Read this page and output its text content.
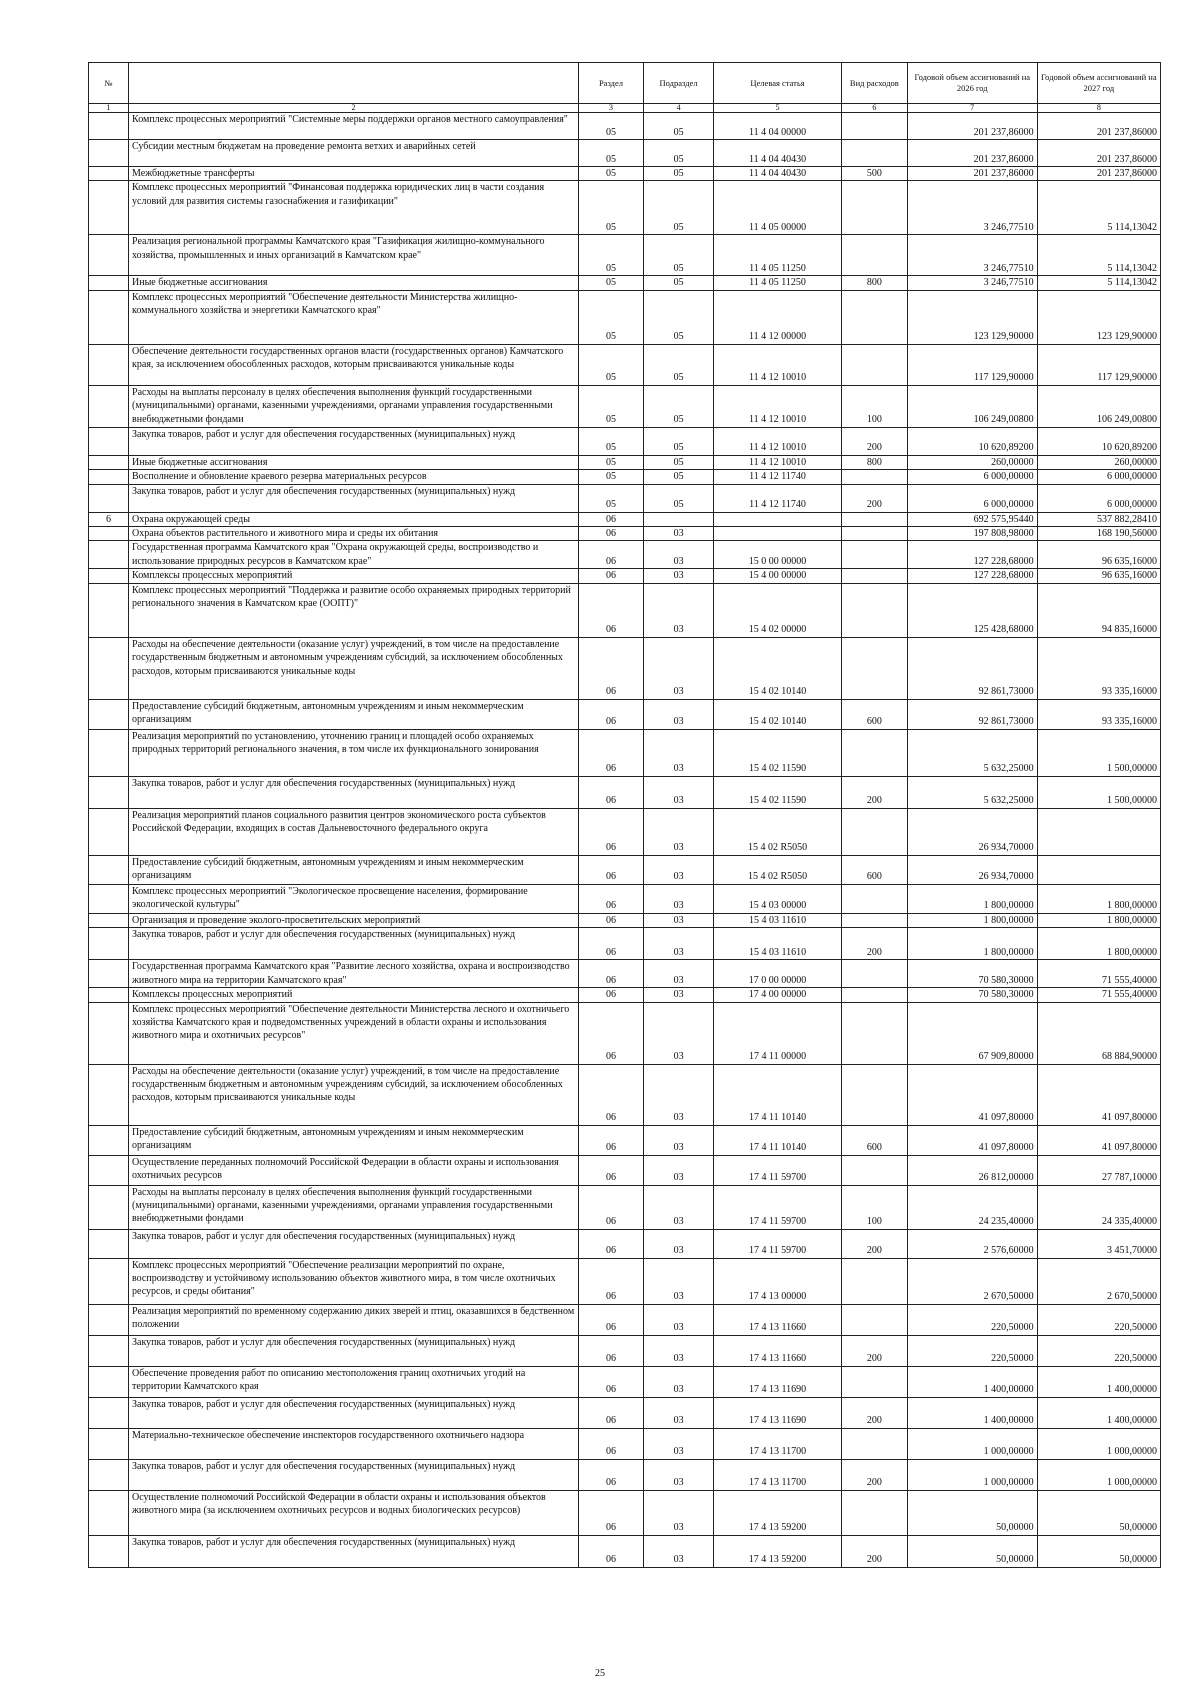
№		Раздел	Подраздел	Целевая статья	Вид расходов	Годовой объем ассигнований на 2026 год	Годовой объем ассигнований на 2027 год
1	2	3	4	5	6	7	8
	Комплекс процессных мероприятий "Системные меры поддержки органов местного самоуправления"	05	05	11 4 04 00000		201 237,86000	201 237,86000
	Субсидии местным бюджетам на проведение ремонта ветхих и аварийных сетей	05	05	11 4 04 40430		201 237,86000	201 237,86000
	Межбюджетные трансферты	05	05	11 4 04 40430	500	201 237,86000	201 237,86000
	Комплекс процессных мероприятий "Финансовая поддержка юридических лиц в части создания условий для развития системы газоснабжения и газификации"	05	05	11 4 05 00000		3 246,77510	5 114,13042
	Реализация региональной программы Камчатского края "Газификация жилищно-коммунального хозяйства, промышленных и иных организаций в Камчатском крае"	05	05	11 4 05 11250		3 246,77510	5 114,13042
	Иные бюджетные ассигнования	05	05	11 4 05 11250	800	3 246,77510	5 114,13042
	Комплекс процессных мероприятий "Обеспечение деятельности Министерства жилищно-коммунального хозяйства и энергетики Камчатского края"	05	05	11 4 12 00000		123 129,90000	123 129,90000
	Обеспечение деятельности государственных органов власти (государственных органов) Камчатского края, за исключением обособленных расходов, которым присваиваются уникальные коды	05	05	11 4 12 10010		117 129,90000	117 129,90000
	Расходы на выплаты персоналу в целях обеспечения выполнения функций государственными (муниципальными) органами, казенными учреждениями, органами управления государственными внебюджетными фондами	05	05	11 4 12 10010	100	106 249,00800	106 249,00800
	Закупка товаров, работ и услуг для обеспечения государственных (муниципальных) нужд	05	05	11 4 12 10010	200	10 620,89200	10 620,89200
	Иные бюджетные ассигнования	05	05	11 4 12 10010	800	260,00000	260,00000
	Восполнение и обновление краевого резерва материальных ресурсов	05	05	11 4 12 11740		6 000,00000	6 000,00000
	Закупка товаров, работ и услуг для обеспечения государственных (муниципальных) нужд	05	05	11 4 12 11740	200	6 000,00000	6 000,00000
6	Охрана окружающей среды	06				692 575,95440	537 882,28410
	Охрана объектов растительного и животного мира и среды их обитания	06	03			197 808,98000	168 190,56000
	Государственная программа Камчатского края "Охрана окружающей среды, воспроизводство и использование природных ресурсов в Камчатском крае"	06	03	15 0 00 00000		127 228,68000	96 635,16000
	Комплексы процессных мероприятий	06	03	15 4 00 00000		127 228,68000	96 635,16000
	Комплекс процессных мероприятий "Поддержка и развитие особо охраняемых природных территорий регионального значения в Камчатском крае (ООПТ)"	06	03	15 4 02 00000		125 428,68000	94 835,16000
	Расходы на обеспечение деятельности (оказание услуг) учреждений, в том числе на предоставление государственным бюджетным и автономным учреждениям субсидий, за исключением обособленных расходов, которым присваиваются уникальные коды	06	03	15 4 02 10140		92 861,73000	93 335,16000
	Предоставление субсидий бюджетным, автономным учреждениям и иным некоммерческим организациям	06	03	15 4 02 10140	600	92 861,73000	93 335,16000
	Реализация мероприятий по установлению, уточнению границ и площадей особо охраняемых природных территорий регионального значения, в том числе их функционального зонирования	06	03	15 4 02 11590		5 632,25000	1 500,00000
	Закупка товаров, работ и услуг для обеспечения государственных (муниципальных) нужд	06	03	15 4 02 11590	200	5 632,25000	1 500,00000
	Реализация мероприятий планов социального развития центров экономического роста субъектов Российской Федерации, входящих в состав Дальневосточного федерального округа	06	03	15 4 02 R5050		26 934,70000	
	Предоставление субсидий бюджетным, автономным учреждениям и иным некоммерческим организациям	06	03	15 4 02 R5050	600	26 934,70000	
	Комплекс процессных мероприятий "Экологическое просвещение населения, формирование экологической культуры"	06	03	15 4 03 00000		1 800,00000	1 800,00000
	Организация и проведение эколого-просветительских мероприятий	06	03	15 4 03 11610		1 800,00000	1 800,00000
	Закупка товаров, работ и услуг для обеспечения государственных (муниципальных) нужд	06	03	15 4 03 11610	200	1 800,00000	1 800,00000
	Государственная программа Камчатского края "Развитие лесного хозяйства, охрана и воспроизводство животного мира на территории Камчатского края"	06	03	17 0 00 00000		70 580,30000	71 555,40000
	Комплексы процессных мероприятий	06	03	17 4 00 00000		70 580,30000	71 555,40000
	Комплекс процессных мероприятий "Обеспечение деятельности Министерства лесного и охотничьего хозяйства Камчатского края и подведомственных учреждений в области охраны и использования животного мира и охотничьих ресурсов"	06	03	17 4 11 00000		67 909,80000	68 884,90000
	Расходы на обеспечение деятельности (оказание услуг) учреждений, в том числе на предоставление государственным бюджетным и автономным учреждениям субсидий, за исключением обособленных расходов, которым присваиваются уникальные коды	06	03	17 4 11 10140		41 097,80000	41 097,80000
	Предоставление субсидий бюджетным, автономным учреждениям и иным некоммерческим организациям	06	03	17 4 11 10140	600	41 097,80000	41 097,80000
	Осуществление переданных полномочий Российской Федерации в области охраны и использования охотничьих ресурсов	06	03	17 4 11 59700		26 812,00000	27 787,10000
	Расходы на выплаты персоналу в целях обеспечения выполнения функций государственными (муниципальными) органами, казенными учреждениями, органами управления государственными внебюджетными фондами	06	03	17 4 11 59700	100	24 235,40000	24 335,40000
	Закупка товаров, работ и услуг для обеспечения государственных (муниципальных) нужд	06	03	17 4 11 59700	200	2 576,60000	3 451,70000
	Комплекс процессных мероприятий "Обеспечение реализации мероприятий по охране, воспроизводству и устойчивому использованию объектов животного мира, в том числе охотничьих ресурсов, и среды обитания"	06	03	17 4 13 00000		2 670,50000	2 670,50000
	Реализация мероприятий по временному содержанию диких зверей и птиц, оказавшихся в бедственном положении	06	03	17 4 13 11660		220,50000	220,50000
	Закупка товаров, работ и услуг для обеспечения государственных (муниципальных) нужд	06	03	17 4 13 11660	200	220,50000	220,50000
	Обеспечение проведения работ по описанию местоположения границ охотничьих угодий на территории Камчатского края	06	03	17 4 13 11690		1 400,00000	1 400,00000
	Закупка товаров, работ и услуг для обеспечения государственных (муниципальных) нужд	06	03	17 4 13 11690	200	1 400,00000	1 400,00000
	Материально-техническое обеспечение инспекторов государственного охотничьего надзора	06	03	17 4 13 11700		1 000,00000	1 000,00000
	Закупка товаров, работ и услуг для обеспечения государственных (муниципальных) нужд	06	03	17 4 13 11700	200	1 000,00000	1 000,00000
	Осуществление полномочий Российской Федерации в области охраны и использования объектов животного мира (за исключением охотничьих ресурсов и водных биологических ресурсов)	06	03	17 4 13 59200		50,00000	50,00000
	Закупка товаров, работ и услуг для обеспечения государственных (муниципальных) нужд	06	03	17 4 13 59200	200	50,00000	50,00000
25
